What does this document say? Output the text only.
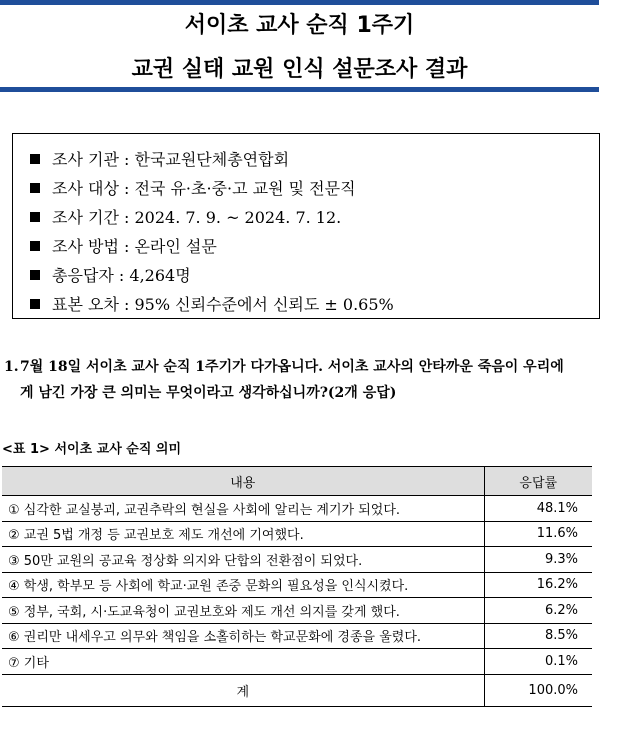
서이초 교사 순직 1주기
교권 실태 교원 인식 설문조사 결과
조사 기관 : 한국교원단체총연합회
조사 대상 : 전국 유·초·중·고 교원 및 전문직
조사 기간 : 2024. 7. 9. ~ 2024. 7. 12.
조사 방법 : 온라인 설문
총응답자 : 4,264명
표본 오차 : 95% 신뢰수준에서 신뢰도 ± 0.65%
1. 7월 18일 서이초 교사 순직 1주기가 다가옵니다. 서이초 교사의 안타까운 죽음이 우리에게 남긴 가장 큰 의미는 무엇이라고 생각하십니까?(2개 응답)
<표 1> 서이초 교사 순직 의미
내용	응답률
① 심각한 교실붕괴, 교권추락의 현실을 사회에 알리는 계기가 되었다.	48.1%
② 교권 5법 개정 등 교권보호 제도 개선에 기여했다.	11.6%
③ 50만 교원의 공교육 정상화 의지와 단합의 전환점이 되었다.	9.3%
④ 학생, 학부모 등 사회에 학교·교원 존중 문화의 필요성을 인식시켰다.	16.2%
⑤ 정부, 국회, 시·도교육청이 교권보호와 제도 개선 의지를 갖게 했다.	6.2%
⑥ 권리만 내세우고 의무와 책임을 소홀히하는 학교문화에 경종을 울렸다.	8.5%
⑦ 기타	0.1%
계	100.0%
